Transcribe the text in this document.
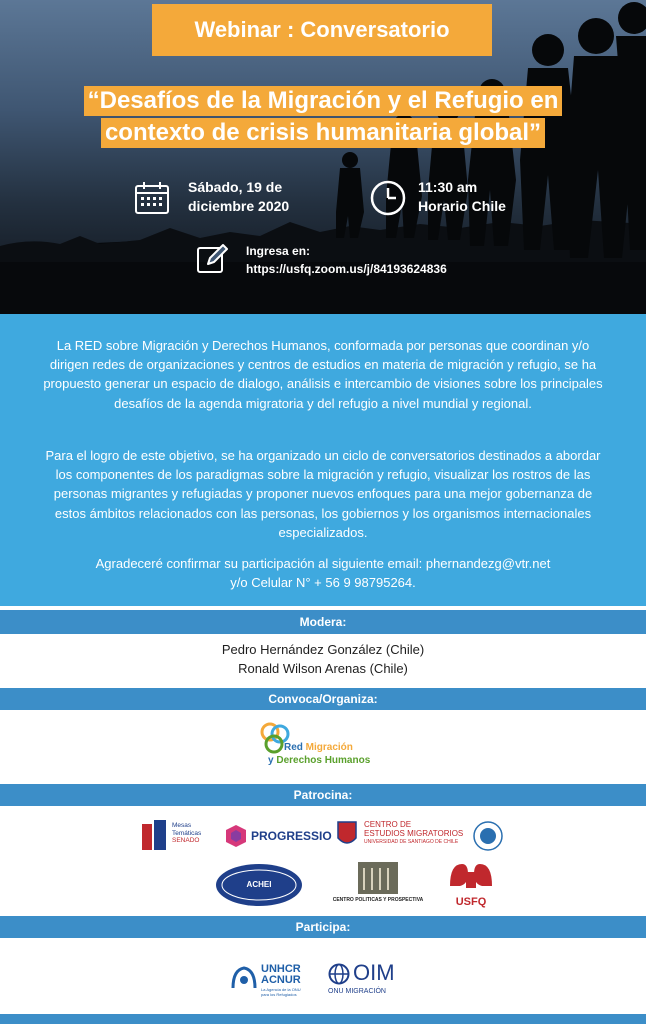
Webinar : Conversatorio
“Desafíos de la Migración y el Refugio en
contexto de crisis humanitaria global”
Sábado, 19 de
diciembre 2020
11:30 am
Horario Chile
Ingresa en:
https://usfq.zoom.us/j/84193624836
La RED sobre Migración y Derechos Humanos, conformada por personas que coordinan y/o dirigen redes de organizaciones y centros de estudios en materia de migración y refugio, se ha propuesto generar un espacio de dialogo, análisis e intercambio de visiones sobre los principales desafíos de la agenda migratoria y del refugio a nivel mundial y regional.
Para el logro de este objetivo, se ha organizado un ciclo de conversatorios destinados a abordar los componentes de los paradigmas sobre la migración y refugio, visualizar los rostros de las personas migrantes y refugiadas y proponer nuevos enfoques para una mejor gobernanza de estos ámbitos relacionados con las personas, los gobiernos y los organismos internacionales especializados.
Agradeceré confirmar su participación al siguiente email: phernandezg@vtr.net
y/o Celular N° + 56 9 98795264.
Modera:
Pedro Hernández González (Chile)
Ronald Wilson Arenas (Chile)
Convoca/Organiza:
Red Migración
y Derechos Humanos
Patrocina:
Mesas
Temáticas
SENADO	PROGRESSIO
CENTRO DE
ESTUDIOS MIGRATORIOS
UNIVERSIDAD DE SANTIAGO DE CHILE
ACHEI
CENTRO POLITICAS Y PROSPECTIVA	USFQ
Participa:
UNHCR
ACNUR
La Agencia de la ONU
para los Refugiados
OIM
ONU MIGRACIÓN
